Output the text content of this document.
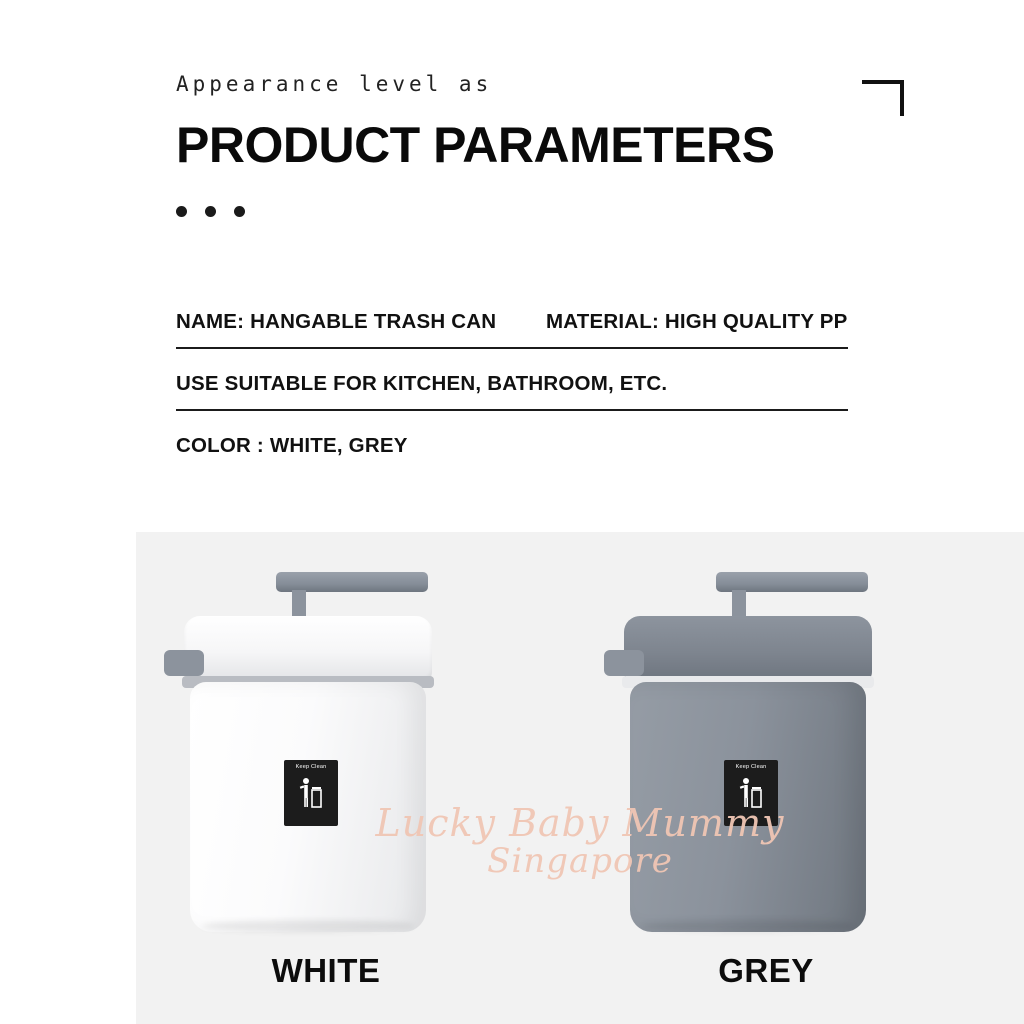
Appearance level as
PRODUCT PARAMETERS
NAME: HANGABLE TRASH CAN	MATERIAL: HIGH QUALITY PP
USE SUITABLE FOR KITCHEN, BATHROOM, ETC.
COLOR : WHITE, GREY
Keep Clean	Keep Clean
WHITE	GREY
Lucky Baby Mummy
Singapore
